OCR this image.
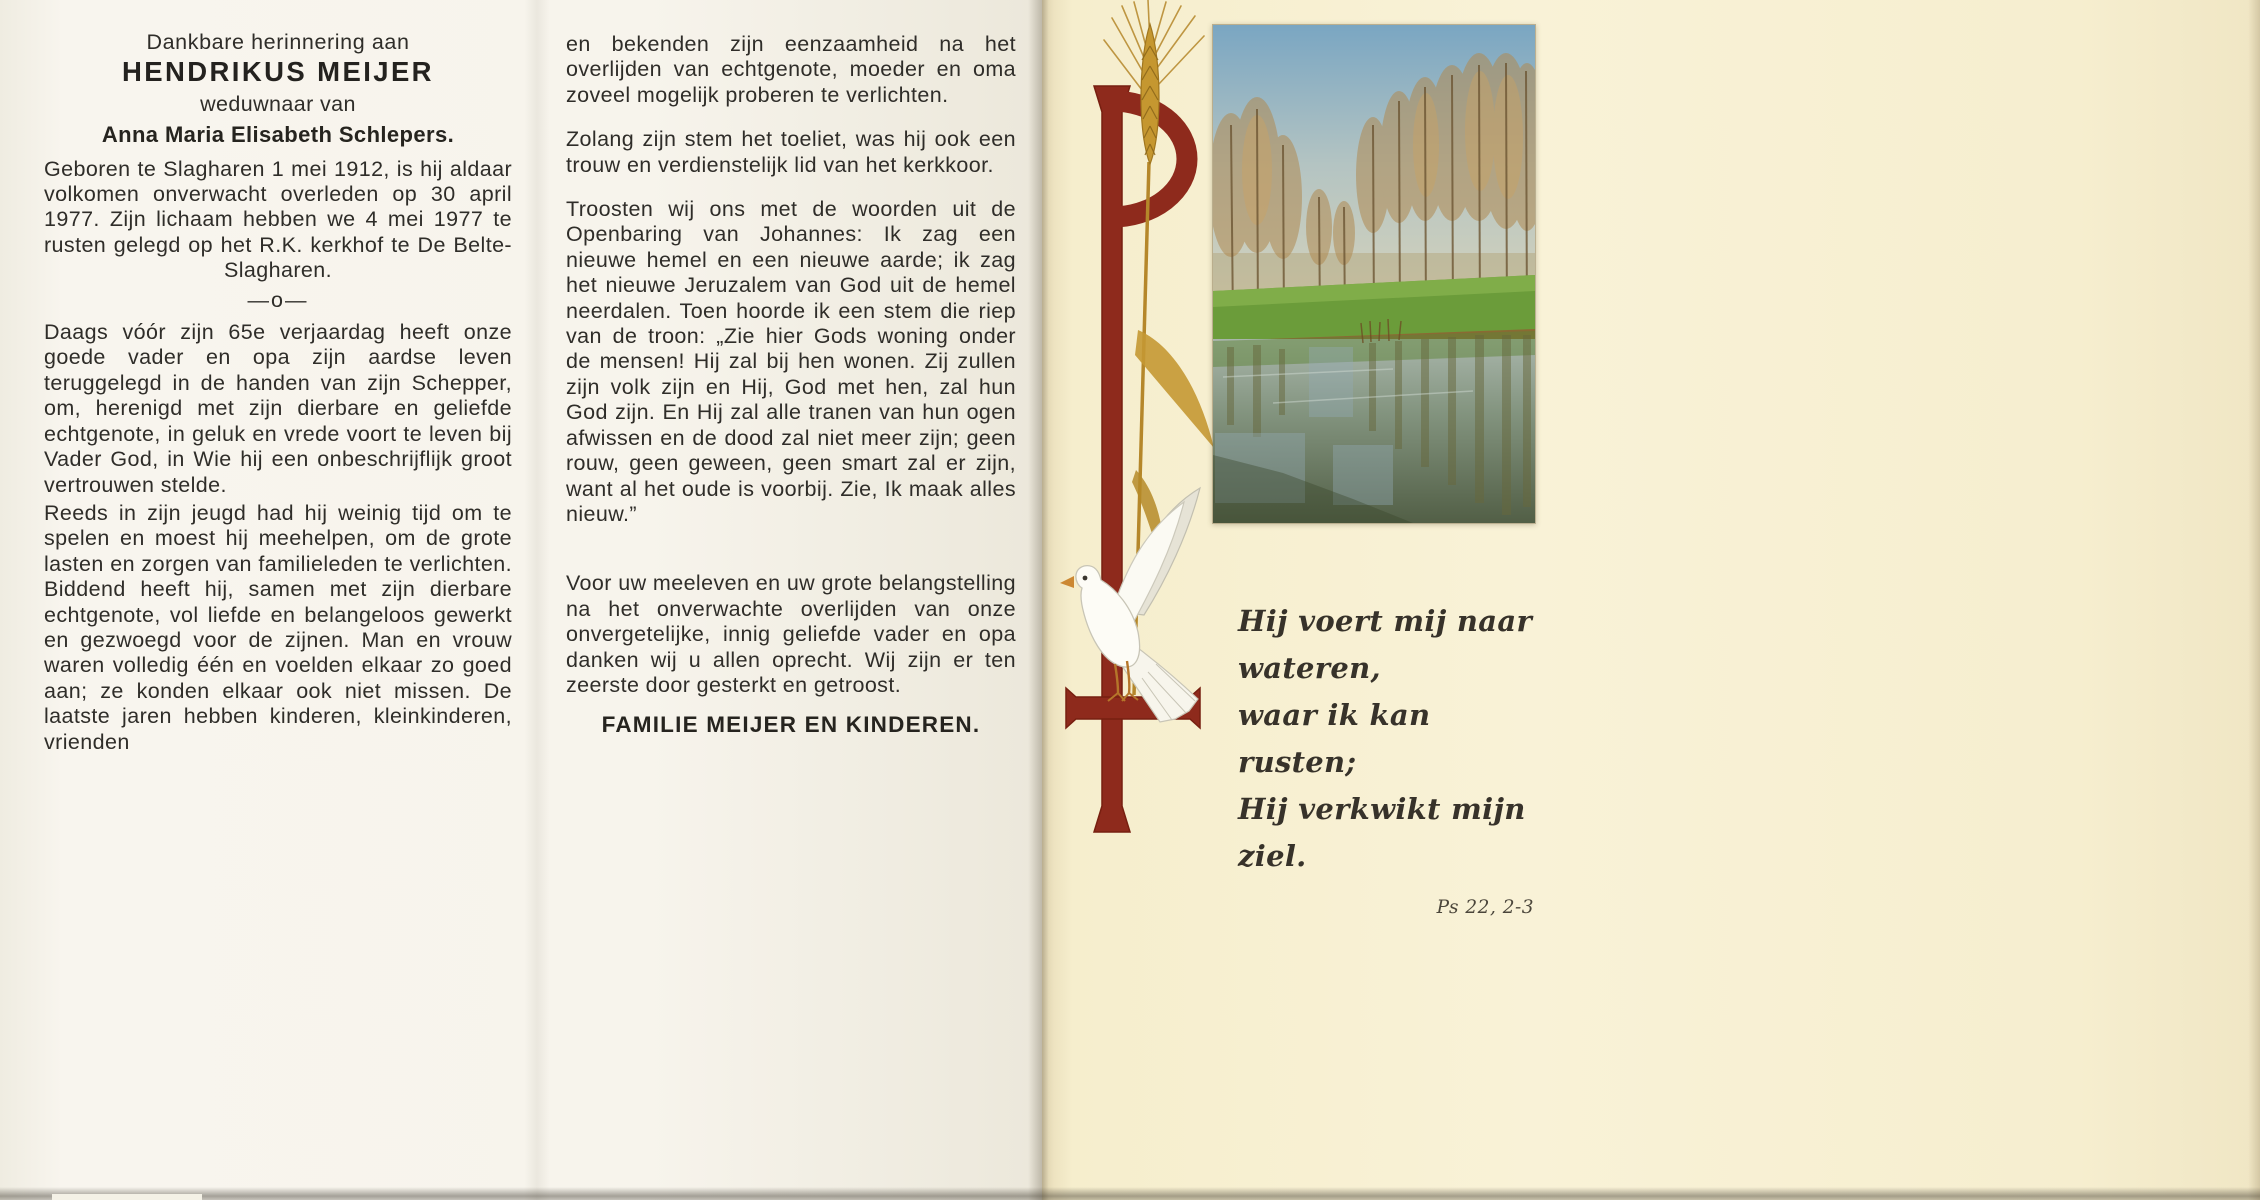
Dankbare herinnering aan
HENDRIKUS MEIJER
weduwnaar van
Anna Maria Elisabeth Schlepers.

Geboren te Slagharen 1 mei 1912, is hij aldaar volkomen onverwacht overleden op 30 april 1977. Zijn lichaam hebben we 4 mei 1977 te rusten gelegd op het R.K. kerkhof te De Belte-Slagharen.

—o—

Daags vóór zijn 65e verjaardag heeft onze goede vader en opa zijn aardse leven teruggelegd in de handen van zijn Schepper, om, herenigd met zijn dierbare en geliefde echtgenote, in geluk en vrede voort te leven bij Vader God, in Wie hij een onbeschrijflijk groot vertrouwen stelde.

Reeds in zijn jeugd had hij weinig tijd om te spelen en moest hij meehelpen, om de grote lasten en zorgen van familieleden te verlichten. Biddend heeft hij, samen met zijn dierbare echtgenote, vol liefde en belangeloos gewerkt en gezwoegd voor de zijnen. Man en vrouw waren volledig één en voelden elkaar zo goed aan; ze konden elkaar ook niet missen. De laatste jaren hebben kinderen, kleinkinderen, vrienden

en bekenden zijn eenzaamheid na het overlijden van echtgenote, moeder en oma zoveel mogelijk proberen te verlichten.

Zolang zijn stem het toeliet, was hij ook een trouw en verdienstelijk lid van het kerkkoor.

Troosten wij ons met de woorden uit de Openbaring van Johannes: Ik zag een nieuwe hemel en een nieuwe aarde; ik zag het nieuwe Jeruzalem van God uit de hemel neerdalen. Toen hoorde ik een stem die riep van de troon: „Zie hier Gods woning onder de mensen! Hij zal bij hen wonen. Zij zullen zijn volk zijn en Hij, God met hen, zal hun God zijn. En Hij zal alle tranen van hun ogen afwissen en de dood zal niet meer zijn; geen rouw, geen geween, geen smart zal er zijn, want al het oude is voorbij. Zie, Ik maak alles nieuw.”

Voor uw meeleven en uw grote belangstelling na het onverwachte overlijden van onze onvergetelijke, innig geliefde vader en opa danken wij u allen oprecht. Wij zijn er ten zeerste door gesterkt en getroost.

FAMILIE MEIJER EN KINDEREN.
Hij voert mij naar wateren,
waar ik kan rusten;
Hij verkwikt mijn ziel.
Ps 22, 2-3
